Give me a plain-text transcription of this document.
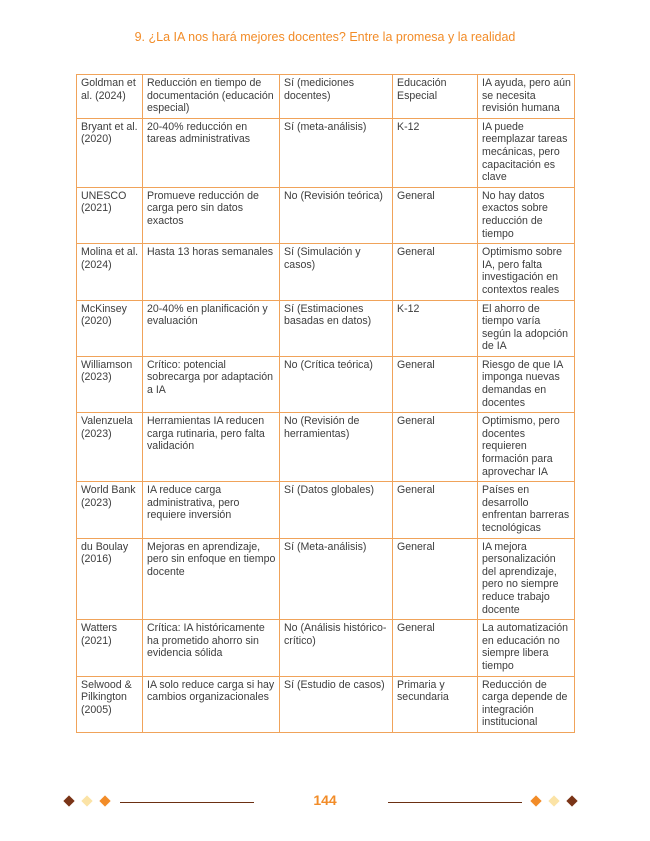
9. ¿La IA nos hará mejores docentes? Entre la promesa y la realidad
Goldman et al. (2024)	Reducción en tiempo de documentación (educación especial)	Sí (mediciones docentes)	Educación Especial	IA ayuda, pero aún se necesita revisión humana
Bryant et al. (2020)	20-40% reducción en tareas administrativas	Sí (meta-análisis)	K-12	IA puede reemplazar tareas mecánicas, pero capacitación es clave
UNESCO (2021)	Promueve reducción de carga pero sin datos exactos	No (Revisión teórica)	General	No hay datos exactos sobre reducción de tiempo
Molina et al. (2024)	Hasta 13 horas semanales	Sí (Simulación y casos)	General	Optimismo sobre IA, pero falta investigación en contextos reales
McKinsey (2020)	20-40% en planificación y evaluación	Sí (Estimaciones basadas en datos)	K-12	El ahorro de tiempo varía según la adopción de IA
Williamson (2023)	Crítico: potencial sobrecarga por adaptación a IA	No (Crítica teórica)	General	Riesgo de que IA imponga nuevas demandas en docentes
Valenzuela (2023)	Herramientas IA reducen carga rutinaria, pero falta validación	No (Revisión de herramientas)	General	Optimismo, pero docentes requieren formación para aprovechar IA
World Bank (2023)	IA reduce carga administrativa, pero requiere inversión	Sí (Datos globales)	General	Países en desarrollo enfrentan barreras tecnológicas
du Boulay (2016)	Mejoras en aprendizaje, pero sin enfoque en tiempo docente	Sí (Meta-análisis)	General	IA mejora personalización del aprendizaje, pero no siempre reduce trabajo docente
Watters (2021)	Crítica: IA históricamente ha prometido ahorro sin evidencia sólida	No (Análisis histórico-crítico)	General	La automatización en educación no siempre libera tiempo
Selwood & Pilkington (2005)	IA solo reduce carga si hay cambios organizacionales	Sí (Estudio de casos)	Primaria y secundaria	Reducción de carga depende de integración institucional
144
